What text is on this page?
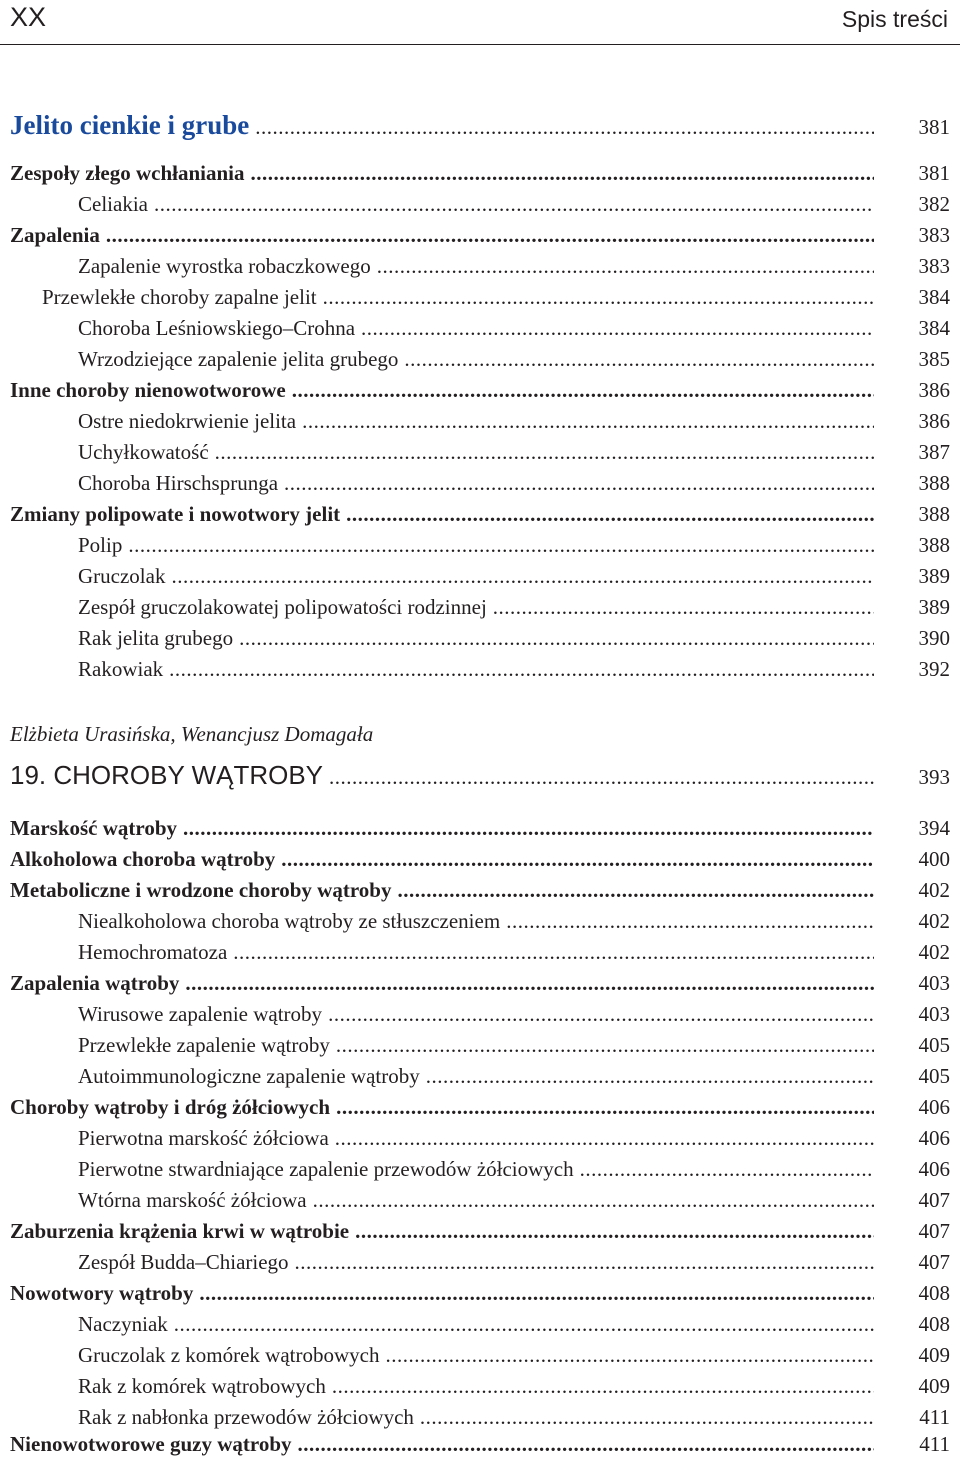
XX	Spis treści
Jelito cienkie i grube .....	381
Zespoły złego wchłaniania .....	381
Celiakia .....	382
Zapalenia .....	383
Zapalenie wyrostka robaczkowego .....	383
Przewlekłe choroby zapalne jelit .....	384
Choroba Leśniowskiego–Crohna .....	384
Wrzodziejące zapalenie jelita grubego .....	385
Inne choroby nienowotworowe .....	386
Ostre niedokrwienie jelita .....	386
Uchyłkowatość .....	387
Choroba Hirschsprunga .....	388
Zmiany polipowate i nowotwory jelit .....	388
Polip .....	388
Gruczolak .....	389
Zespół gruczolakowatej polipowatości rodzinnej .....	389
Rak jelita grubego .....	390
Rakowiak .....	392
Elżbieta Urasińska, Wenancjusz Domagała
19. CHOROBY WĄTROBY .....	393
Marskość wątroby .....	394
Alkoholowa choroba wątroby .....	400
Metaboliczne i wrodzone choroby wątroby .....	402
Niealkoholowa choroba wątroby ze stłuszczeniem .....	402
Hemochromatoza .....	402
Zapalenia wątroby .....	403
Wirusowe zapalenie wątroby .....	403
Przewlekłe zapalenie wątroby .....	405
Autoimmunologiczne zapalenie wątroby .....	405
Choroby wątroby i dróg żółciowych .....	406
Pierwotna marskość żółciowa .....	406
Pierwotne stwardniające zapalenie przewodów żółciowych .....	406
Wtórna marskość żółciowa .....	407
Zaburzenia krążenia krwi w wątrobie .....	407
Zespół Budda–Chiariego .....	407
Nowotwory wątroby .....	408
Naczyniak .....	408
Gruczolak z komórek wątrobowych .....	409
Rak z komórek wątrobowych .....	409
Rak z nabłonka przewodów żółciowych .....	411
Nienowotworowe guzy wątroby .....	411
